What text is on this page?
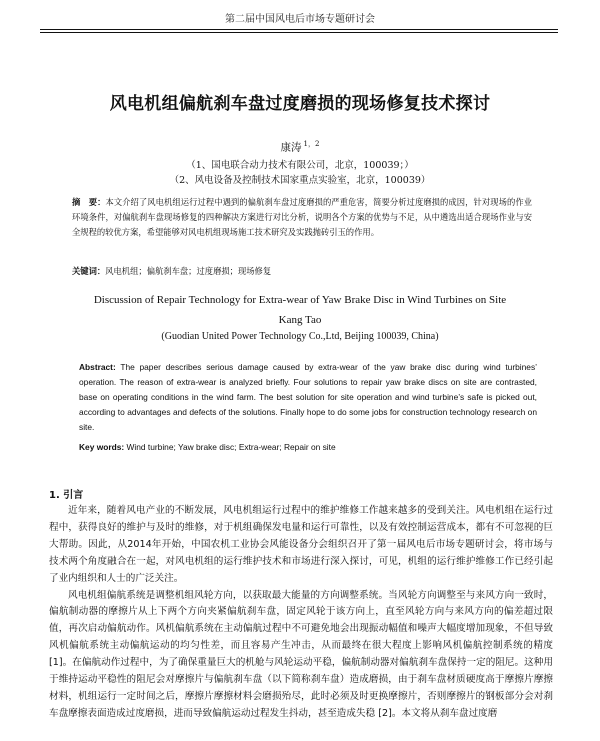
第二届中国风电后市场专题研讨会
风电机组偏航刹车盘过度磨损的现场修复技术探讨
康涛 $^{1,2}$
（1、国电联合动力技术有限公司，北京，100039；）
（2、风电设备及控制技术国家重点实验室，北京，100039）
摘　要：本文介绍了风电机组运行过程中遇到的偏航刹车盘过度磨损的严重危害，简要分析过度磨损的成因，针对现场的作业环境条件，对偏航刹车盘现场修复的四种解决方案进行对比分析，说明各个方案的优势与不足，从中遴选出适合现场作业与安全规程的较优方案，希望能够对风电机组现场施工技术研究及实践抛砖引玉的作用。
关键词：风电机组；偏航刹车盘；过度磨损；现场修复
Discussion of Repair Technology for Extra-wear of Yaw Brake Disc in Wind Turbines on Site
Kang Tao
(Guodian United Power Technology Co.,Ltd, Beijing 100039, China)
Abstract: The paper describes serious damage caused by extra-wear of the yaw brake disc during wind turbines’ operation. The reason of extra-wear is analyzed briefly. Four solutions to repair yaw brake discs on site are contrasted, base on operating conditions in the wind farm. The best solution for site operation and wind turbine’s safe is picked out, according to advantages and defects of the solutions. Finally hope to do some jobs for construction technology research on site.
Key words: Wind turbine; Yaw brake disc; Extra-wear; Repair on site
1. 引言

近年来，随着风电产业的不断发展，风电机组运行过程中的维护维修工作越来越多的受到关注。风电机组在运行过程中，获得良好的维护与及时的维修，对于机组确保发电量和运行可靠性，以及有效控制运营成本，都有不可忽视的巨大帮助。因此，从2014年开始，中国农机工业协会风能设备分会组织召开了第一届风电后市场专题研讨会，将市场与技术两个角度融合在一起，对风电机组的运行维护技术和市场进行深入探讨，可见，机组的运行维护维修工作已经引起了业内组织和人士的广泛关注。

风电机组偏航系统是调整机组风轮方向，以获取最大能量的方向调整系统。当风轮方向调整至与来风方向一致时，偏航制动器的摩擦片从上下两个方向夹紧偏航刹车盘，固定风轮于该方向上，直至风轮方向与来风方向的偏差超过限值，再次启动偏航动作。风机偏航系统在主动偏航过程中不可避免地会出现振动幅值和噪声大幅度增加现象，不但导致风机偏航系统主动偏航运动的均匀性差，而且容易产生冲击，从而最终在很大程度上影响风机偏航控制系统的精度 [1]。在偏航动作过程中，为了确保重量巨大的机舱与风轮运动平稳，偏航制动器对偏航刹车盘保持一定的阻尼。这种用于维持运动平稳性的阻尼会对摩擦片与偏航刹车盘（以下简称刹车盘）造成磨损，由于刹车盘材质硬度高于摩擦片摩擦材料，机组运行一定时间之后，摩擦片摩擦材料会磨损殆尽，此时必须及时更换摩擦片，否则摩擦片的钢板部分会对刹车盘摩擦表面造成过度磨损，进而导致偏航运动过程发生抖动，甚至造成失稳 [2]。本文将从刹车盘过度磨
